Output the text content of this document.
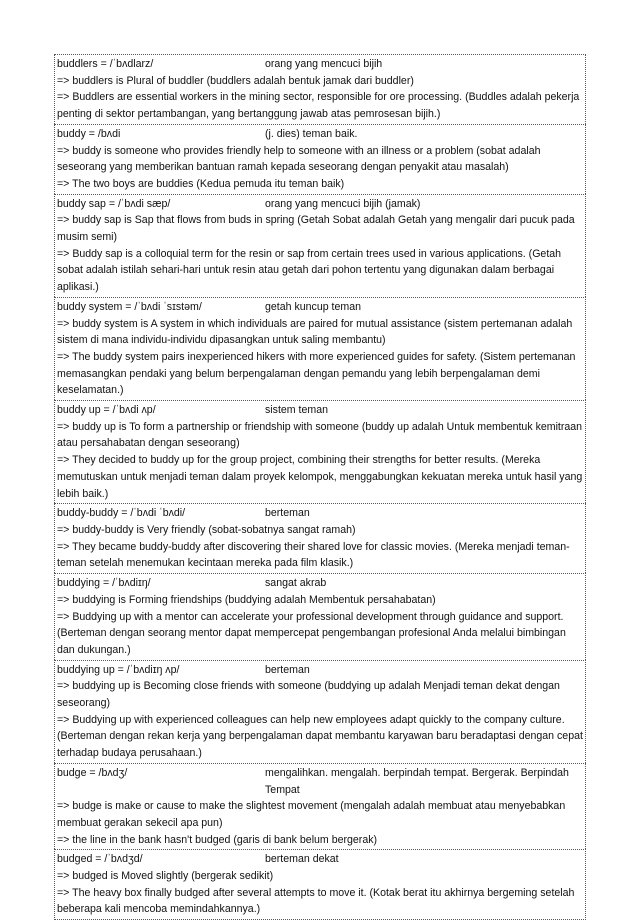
buddlers = /ˈbʌdlarz/	orang yang mencuci bijih
=> buddlers is Plural of buddler (buddlers adalah bentuk jamak dari buddler)
=> Buddlers are essential workers in the mining sector, responsible for ore processing. (Buddles adalah pekerja penting di sektor pertambangan, yang bertanggung jawab atas pemrosesan bijih.)
buddy = /bʌdi	(j. dies) teman baik.
=> buddy is someone who provides friendly help to someone with an illness or a problem (sobat adalah seseorang yang memberikan bantuan ramah kepada seseorang dengan penyakit atau masalah)
=> The two boys are buddies (Kedua pemuda itu teman baik)
buddy sap = /ˈbʌdi sæp/	orang yang mencuci bijih (jamak)
=> buddy sap is Sap that flows from buds in spring (Getah Sobat adalah Getah yang mengalir dari pucuk pada musim semi)
=> Buddy sap is a colloquial term for the resin or sap from certain trees used in various applications. (Getah sobat adalah istilah sehari-hari untuk resin atau getah dari pohon tertentu yang digunakan dalam berbagai aplikasi.)
buddy system = /ˈbʌdi ˈsɪstəm/	getah kuncup teman
=> buddy system is A system in which individuals are paired for mutual assistance (sistem pertemanan adalah sistem di mana individu-individu dipasangkan untuk saling membantu)
=> The buddy system pairs inexperienced hikers with more experienced guides for safety. (Sistem pertemanan memasangkan pendaki yang belum berpengalaman dengan pemandu yang lebih berpengalaman demi keselamatan.)
buddy up = /ˈbʌdi ʌp/	sistem teman
=> buddy up is To form a partnership or friendship with someone (buddy up adalah Untuk membentuk kemitraan atau persahabatan dengan seseorang)
=> They decided to buddy up for the group project, combining their strengths for better results. (Mereka memutuskan untuk menjadi teman dalam proyek kelompok, menggabungkan kekuatan mereka untuk hasil yang lebih baik.)
buddy-buddy = /ˈbʌdi ˈbʌdi/	berteman
=> buddy-buddy is Very friendly (sobat-sobatnya sangat ramah)
=> They became buddy-buddy after discovering their shared love for classic movies. (Mereka menjadi teman-teman setelah menemukan kecintaan mereka pada film klasik.)
buddying = /ˈbʌdiɪŋ/	sangat akrab
=> buddying is Forming friendships (buddying adalah Membentuk persahabatan)
=> Buddying up with a mentor can accelerate your professional development through guidance and support. (Berteman dengan seorang mentor dapat mempercepat pengembangan profesional Anda melalui bimbingan dan dukungan.)
buddying up = /ˈbʌdiɪŋ ʌp/	berteman
=> buddying up is Becoming close friends with someone (buddying up adalah Menjadi teman dekat dengan seseorang)
=> Buddying up with experienced colleagues can help new employees adapt quickly to the company culture. (Berteman dengan rekan kerja yang berpengalaman dapat membantu karyawan baru beradaptasi dengan cepat terhadap budaya perusahaan.)
budge = /bʌdʒ/	mengalihkan. mengalah. berpindah tempat. Bergerak. Berpindah Tempat
=> budge is make or cause to make the slightest movement (mengalah adalah membuat atau menyebabkan membuat gerakan sekecil apa pun)
=> the line in the bank hasn't budged (garis di bank belum bergerak)
budged = /ˈbʌdʒd/	berteman dekat
=> budged is Moved slightly (bergerak sedikit)
=> The heavy box finally budged after several attempts to move it. (Kotak berat itu akhirnya bergeming setelah beberapa kali mencoba memindahkannya.)
